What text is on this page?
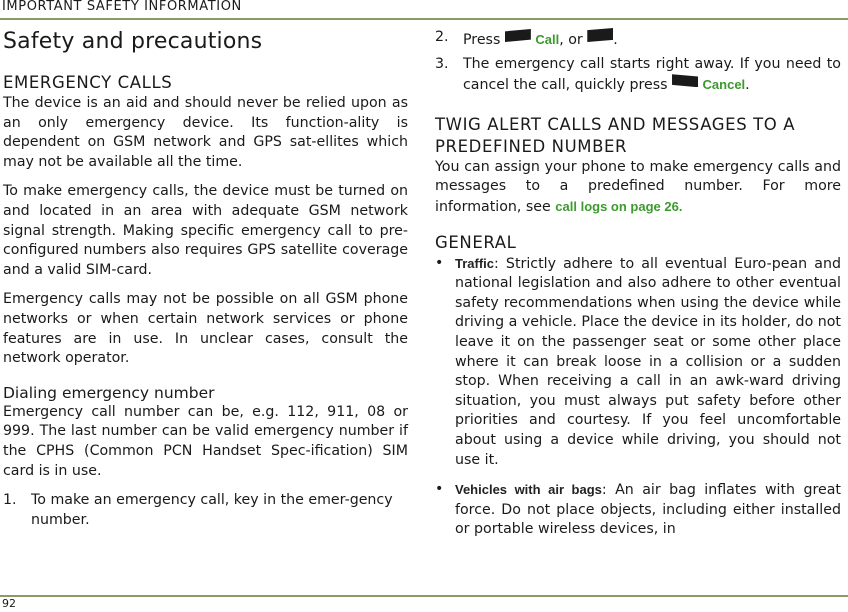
IMPORTANT SAFETY INFORMATION
Safety and precautions
EMERGENCY CALLS

The device is an aid and should never be relied upon as an only emergency device. Its function-ality is dependent on GSM network and GPS sat-ellites which may not be available all the time.

To make emergency calls, the device must be turned on and located in an area with adequate GSM network signal strength. Making specific emergency call to pre-configured numbers also requires GPS satellite coverage and a valid SIM-card.

Emergency calls may not be possible on all GSM phone networks or when certain network services or phone features are in use. In unclear cases, consult the network operator.

Dialing emergency number

Emergency call number can be, e.g. 112, 911, 08 or 999. The last number can be valid emergency number if the CPHS (Common PCN Handset Spec-ification) SIM card is in use.

1. To make an emergency call, key in the emer-gency number.
2. Press	Call, or .
3. The emergency call starts right away. If you need to cancel the call, quickly press	Cancel.
TWIG ALERT CALLS AND MESSAGES TO A PREDEFINED NUMBER

You can assign your phone to make emergency calls and messages to a predefined number. For more information, see call logs on page 26.

GENERAL
• Traffic: Strictly adhere to all eventual Euro-pean and national legislation and also adhere to other eventual safety recommendations when using the device while driving a vehicle. Place the device in its holder, do not leave it on the passenger seat or some other place where it can break loose in a collision or a sudden stop. When receiving a call in an awk-ward driving situation, you must always put safety before other priorities and courtesy. If you feel uncomfortable about using a device while driving, you should not use it.
• Vehicles with air bags: An air bag inflates with great force. Do not place objects, including either installed or portable wireless devices, in
92
